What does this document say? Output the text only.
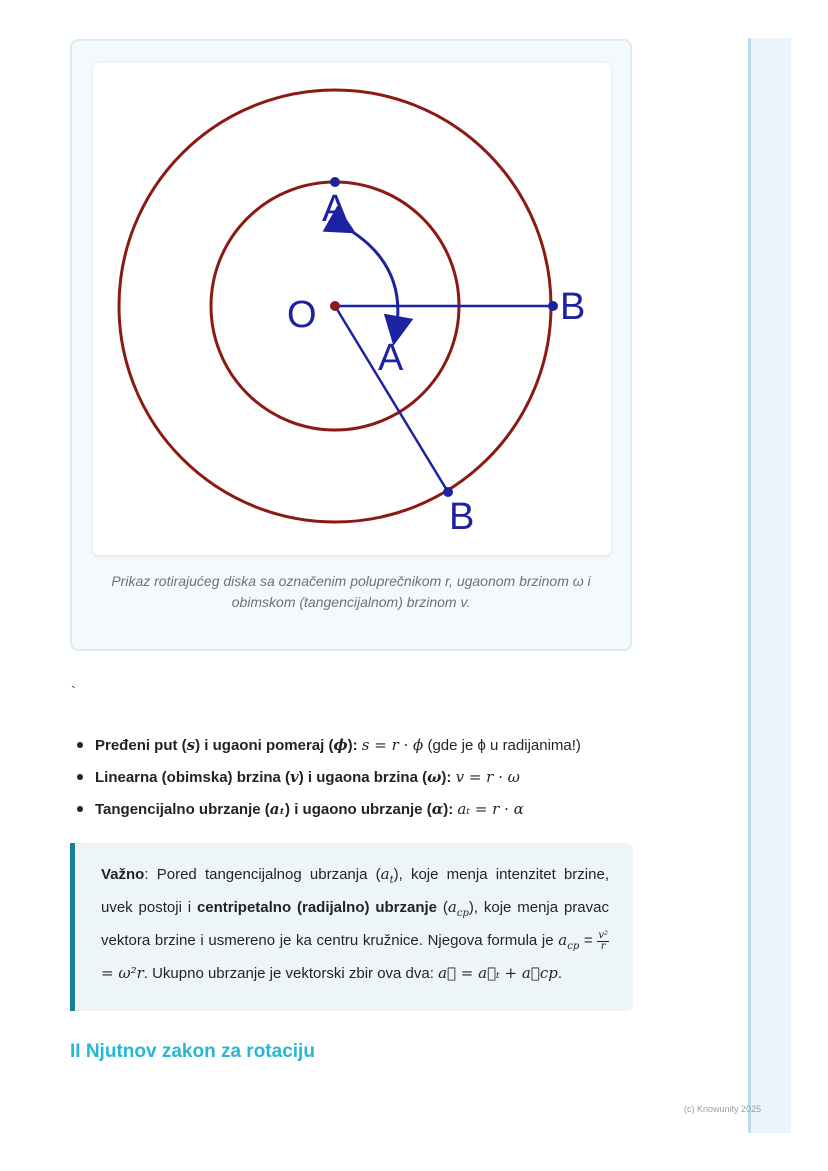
O
A
A
B
B
Prikaz rotirajućeg diska sa označenim poluprečnikom r, ugaonom brzinom ω i obimskom (tangencijalnom) brzinom v.
`
Pređeni put (s) i ugaoni pomeraj (ϕ): s = r · ϕ (gde je ϕ u radijanima!)
Linearna (obimska) brzina (v) i ugaona brzina (ω): v = r · ω
Tangencijalno ubrzanje (aₜ) i ugaono ubrzanje (α): aₜ = r · α

Važno: Pored tangencijalnog ubrzanja $(a_t)$, koje menja intenzitet brzine, uvek postoji i centripetalno (radijalno) ubrzanje $(a_{cp})$, koje menja pravac vektora brzine i usmereno je ka centru kružnice. Njegova formula je $a_{cp} = \frac{\text{v²}}{r}$
= ω²r. Ukupno ubrzanje je vektorski zbir ova dva: a⃗ = a⃗ₜ + a⃗cp.

II Njutnov zakon za rotaciju
(c) Knowunity 2025
